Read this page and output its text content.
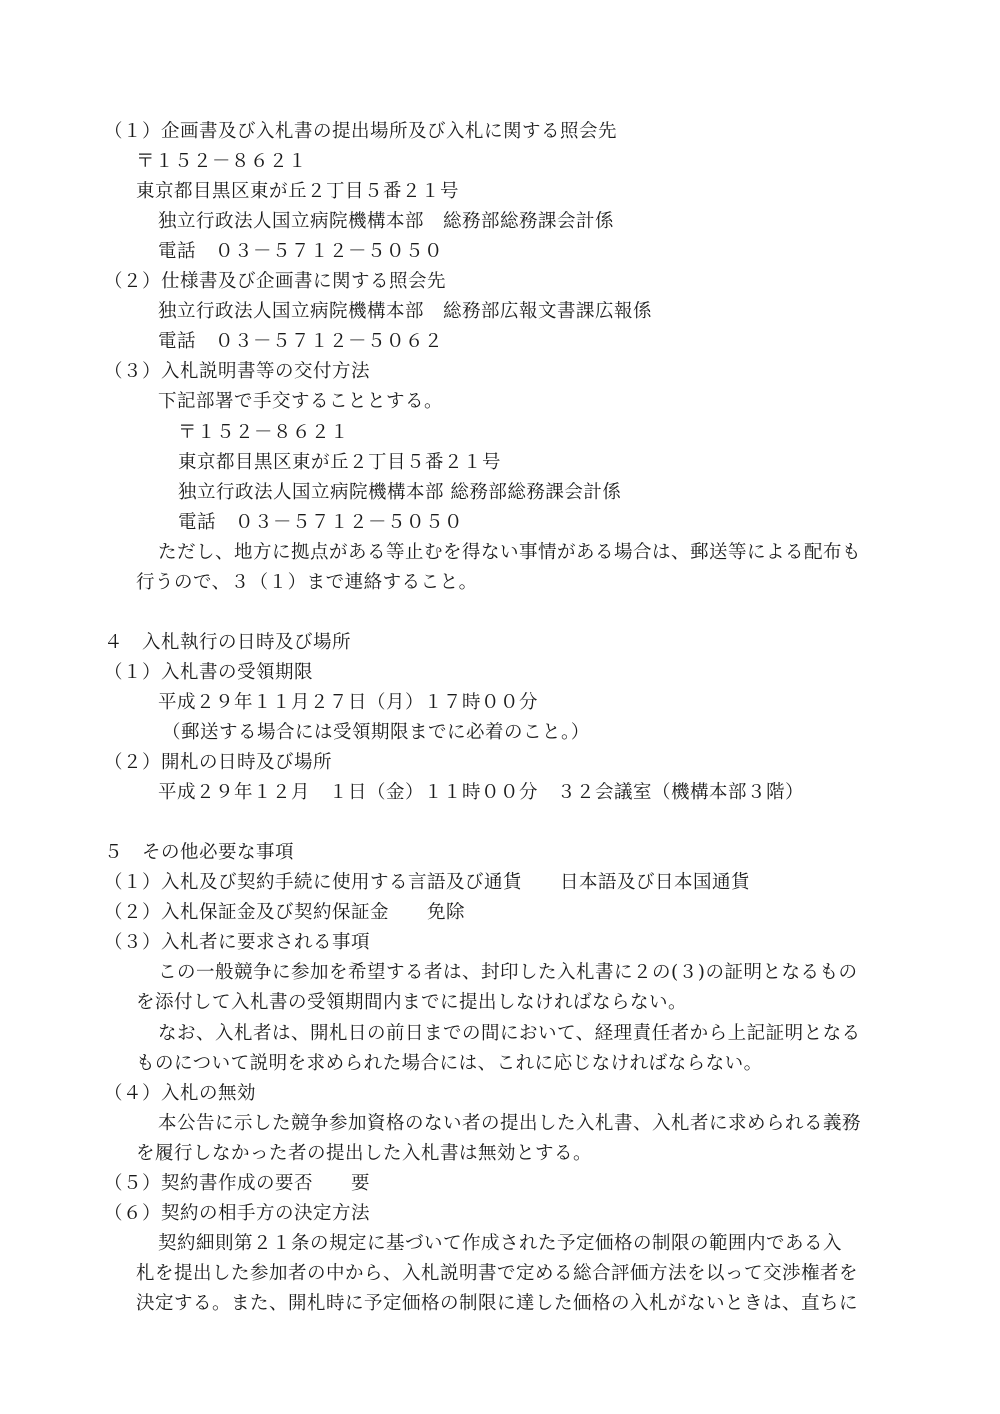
（１）企画書及び入札書の提出場所及び入札に関する照会先
〒１５２－８６２１
東京都目黒区東が丘２丁目５番２１号
独立行政法人国立病院機構本部　総務部総務課会計係
電話　０３－５７１２－５０５０
（２）仕様書及び企画書に関する照会先
独立行政法人国立病院機構本部　総務部広報文書課広報係
電話　０３－５７１２－５０６２
（３）入札説明書等の交付方法
下記部署で手交することとする。
〒１５２－８６２１
東京都目黒区東が丘２丁目５番２１号
独立行政法人国立病院機構本部 総務部総務課会計係
電話　０３－５７１２－５０５０
ただし、地方に拠点がある等止むを得ない事情がある場合は、郵送等による配布も
行うので、３（１）まで連絡すること。
４　入札執行の日時及び場所
（１）入札書の受領期限
平成２９年１１月２７日（月）１７時００分
（郵送する場合には受領期限までに必着のこと。）
（２）開札の日時及び場所
平成２９年１２月　１日（金）１１時００分　３２会議室（機構本部３階）
５　その他必要な事項
（１）入札及び契約手続に使用する言語及び通貨　　日本語及び日本国通貨
（２）入札保証金及び契約保証金　　免除
（３）入札者に要求される事項
この一般競争に参加を希望する者は、封印した入札書に２の(３)の証明となるもの
を添付して入札書の受領期間内までに提出しなければならない。
なお、入札者は、開札日の前日までの間において、経理責任者から上記証明となる
ものについて説明を求められた場合には、これに応じなければならない。
（４）入札の無効
本公告に示した競争参加資格のない者の提出した入札書、入札者に求められる義務
を履行しなかった者の提出した入札書は無効とする。
（５）契約書作成の要否　　要
（６）契約の相手方の決定方法
契約細則第２１条の規定に基づいて作成された予定価格の制限の範囲内である入
札を提出した参加者の中から、入札説明書で定める総合評価方法を以って交渉権者を
決定する。また、開札時に予定価格の制限に達した価格の入札がないときは、直ちに
